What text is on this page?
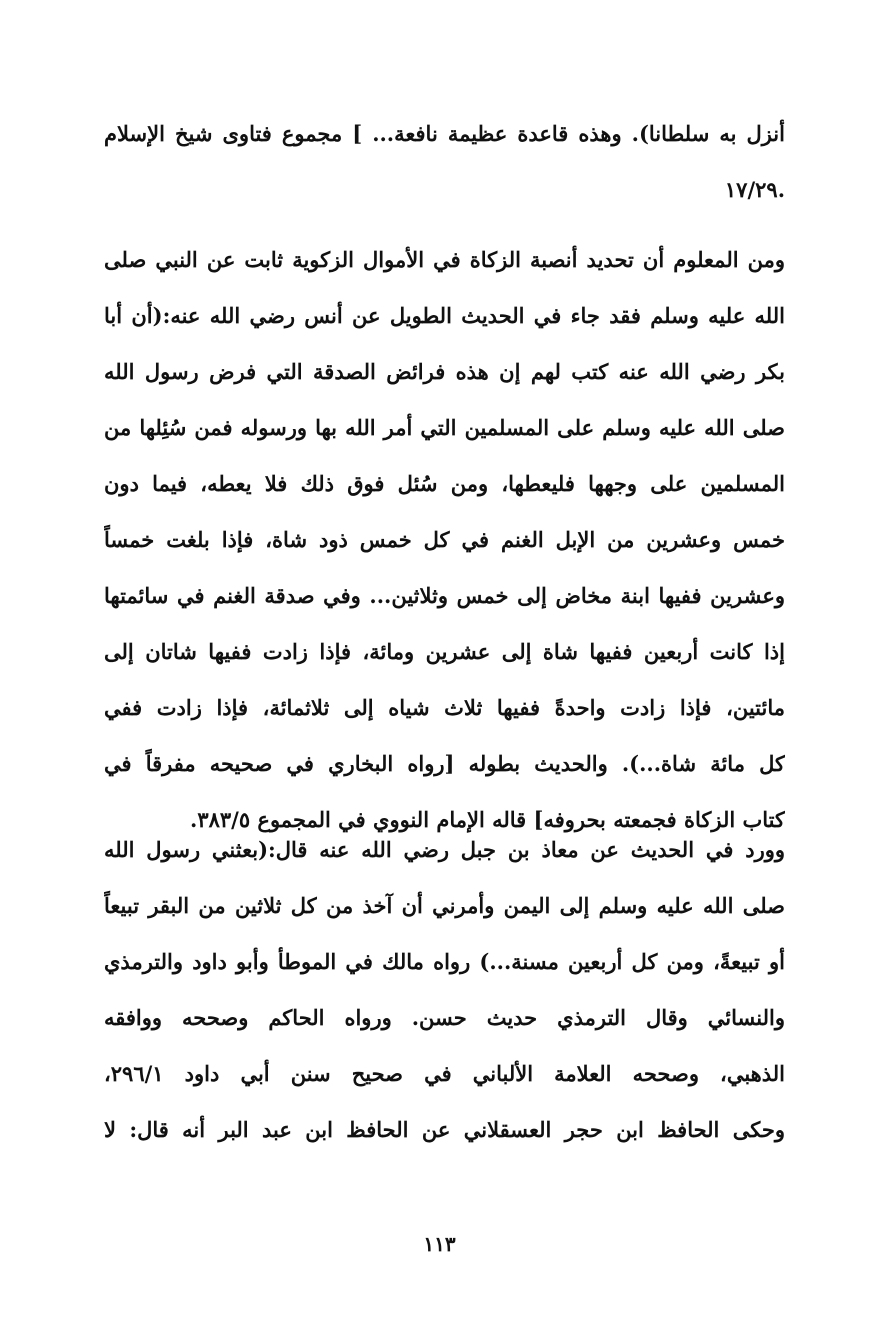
أنزل به سلطانا). وهذه قاعدة عظيمة نافعة... ] مجموع فتاوى شيخ الإسلام
.١٧/٢٩
ومن المعلوم أن تحديد أنصبة الزكاة في الأموال الزكوية ثابت عن النبي صلى
الله عليه وسلم فقد جاء في الحديث الطويل عن أنس رضي الله عنه:(أن أبا
بكر رضي الله عنه كتب لهم إن هذه فرائض الصدقة التي فرض رسول الله
صلى الله عليه وسلم على المسلمين التي أمر الله بها ورسوله فمن سُئِلها من
المسلمين على وجهها فليعطها، ومن سُئل فوق ذلك فلا يعطه، فيما دون
خمس وعشرين من الإبل الغنم في كل خمس ذود شاة، فإذا بلغت خمساً
وعشرين ففيها ابنة مخاض إلى خمس وثلاثين... وفي صدقة الغنم في سائمتها
إذا كانت أربعين ففيها شاة إلى عشرين ومائة، فإذا زادت ففيها شاتان إلى
مائتين، فإذا زادت واحدةً ففيها ثلاث شياه إلى ثلاثمائة، فإذا زادت ففي
كل مائة شاة...). والحديث بطوله [رواه البخاري في صحيحه مفرقاً في
كتاب الزكاة فجمعته بحروفه] قاله الإمام النووي في المجموع ٣٨٣/٥.
وورد في الحديث عن معاذ بن جبل رضي الله عنه قال:(بعثني رسول الله
صلى الله عليه وسلم إلى اليمن وأمرني أن آخذ من كل ثلاثين من البقر تبيعاً
أو تبيعةً، ومن كل أربعين مسنة...) رواه مالك في الموطأ وأبو داود والترمذي
والنسائي وقال الترمذي حديث حسن. ورواه الحاكم وصححه ووافقه
الذهبي، وصححه العلامة الألباني في صحيح سنن أبي داود ٢٩٦/١،
وحكى الحافظ ابن حجر العسقلاني عن الحافظ ابن عبد البر أنه قال: لا
١١٣
